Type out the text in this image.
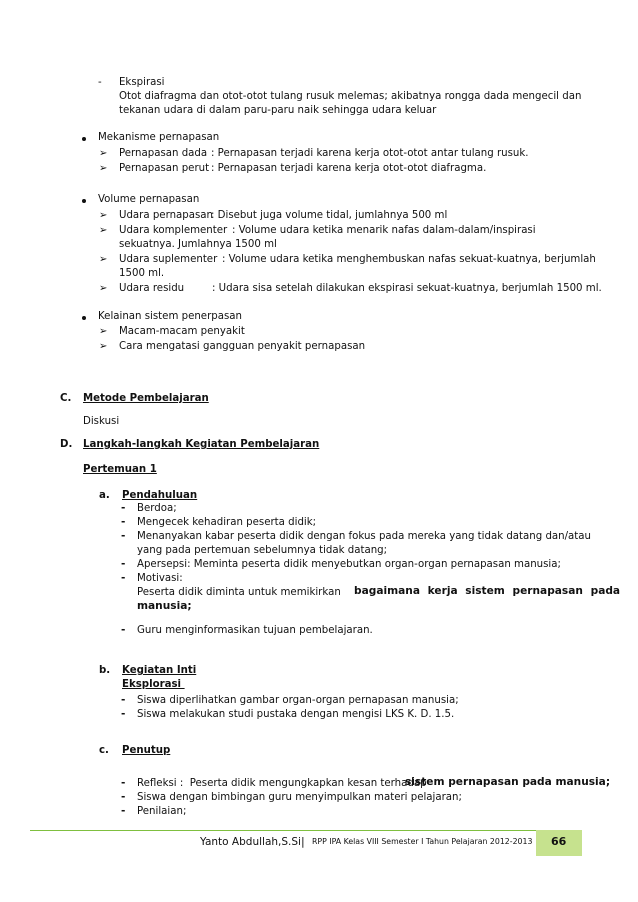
- Ekspirasi
Otot diafragma dan otot-otot tulang rusuk melemas; akibatnya rongga dada mengecil dan
tekanan udara di dalam paru-paru naik sehingga udara keluar
Mekanisme pernapasan
➢ Pernapasan dada : Pernapasan terjadi karena kerja otot-otot antar tulang rusuk.
➢ Pernapasan perut : Pernapasan terjadi karena kerja otot-otot diafragma.
Volume pernapasan
➢ Udara pernapasan
: Disebut juga volume tidal, jumlahnya 500 ml
➢ Udara komplementer : Volume udara ketika menarik nafas dalam-dalam/inspirasi
sekuatnya. Jumlahnya 1500 ml
➢ Udara suplementer : Volume udara ketika menghembuskan nafas sekuat-kuatnya, berjumlah
1500 ml.
➢ Udara residu	: Udara sisa setelah dilakukan ekspirasi sekuat-kuatnya, berjumlah 1500 ml.
Kelainan sistem penerpasan
➢ Macam-macam penyakit
➢ Cara mengatasi gangguan penyakit pernapasan
C. Metode Pembelajaran
Diskusi
D. Langkah-langkah Kegiatan Pembelajaran
Pertemuan 1
a. Pendahuluan
- Berdoa;
- Mengecek kehadiran peserta didik;
- Menanyakan kabar peserta didik dengan fokus pada mereka yang tidak datang dan/atau
yang pada pertemuan sebelumnya tidak datang;
- Apersepsi: Meminta peserta didik menyebutkan organ-organ pernapasan manusia;
- Motivasi:
Peserta didik diminta untuk memikirkan bagaimana kerja sistem pernapasan pada
manusia;
- Guru menginformasikan tujuan pembelajaran.
b. Kegiatan Inti
Eksplorasi
- Siswa diperlihatkan gambar organ-organ pernapasan manusia;
- Siswa melakukan studi pustaka dengan mengisi LKS K. D. 1.5.
c. Penutup
- Refleksi :  Peserta didik mengungkapkan kesan terhadap
sistem pernapasan pada manusia;
- Siswa dengan bimbingan guru menyimpulkan materi pelajaran;
- Penilaian;
Yanto Abdullah,S.Si | RPP IPA Kelas VIII Semester I Tahun Pelajaran 2012-2013 66
